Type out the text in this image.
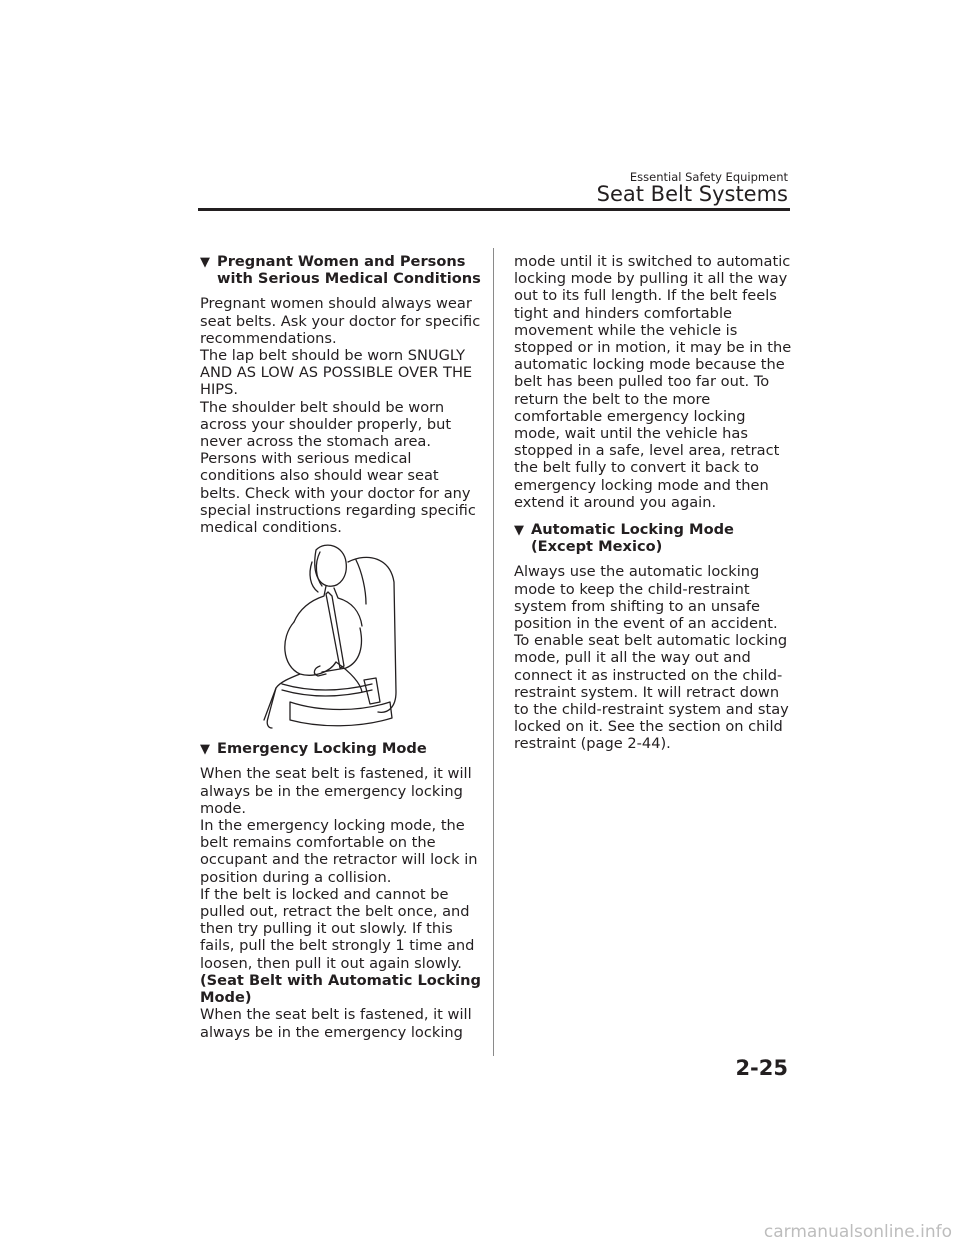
Essential Safety Equipment
Seat Belt Systems
▼ Pregnant Women and Persons with Serious Medical Conditions

Pregnant women should always wear seat belts. Ask your doctor for specific recommendations.

The lap belt should be worn SNUGLY AND AS LOW AS POSSIBLE OVER THE HIPS.

The shoulder belt should be worn across your shoulder properly, but never across the stomach area.

Persons with serious medical conditions also should wear seat belts. Check with your doctor for any special instructions regarding specific medical conditions.

▼ Emergency Locking Mode

When the seat belt is fastened, it will always be in the emergency locking mode.

In the emergency locking mode, the belt remains comfortable on the occupant and the retractor will lock in position during a collision.

If the belt is locked and cannot be pulled out, retract the belt once, and then try pulling it out slowly. If this fails, pull the belt strongly 1 time and loosen, then pull it out again slowly.

(Seat Belt with Automatic Locking Mode)

When the seat belt is fastened, it will always be in the emergency locking

mode until it is switched to automatic locking mode by pulling it all the way out to its full length. If the belt feels tight and hinders comfortable movement while the vehicle is stopped or in motion, it may be in the automatic locking mode because the belt has been pulled too far out. To return the belt to the more comfortable emergency locking mode, wait until the vehicle has stopped in a safe, level area, retract the belt fully to convert it back to emergency locking mode and then extend it around you again.

▼ Automatic Locking Mode (Except Mexico)

Always use the automatic locking mode to keep the child-restraint system from shifting to an unsafe position in the event of an accident. To enable seat belt automatic locking mode, pull it all the way out and connect it as instructed on the child-restraint system. It will retract down to the child-restraint system and stay locked on it. See the section on child restraint (page 2-44).

2-25
carmanualsonline.info
